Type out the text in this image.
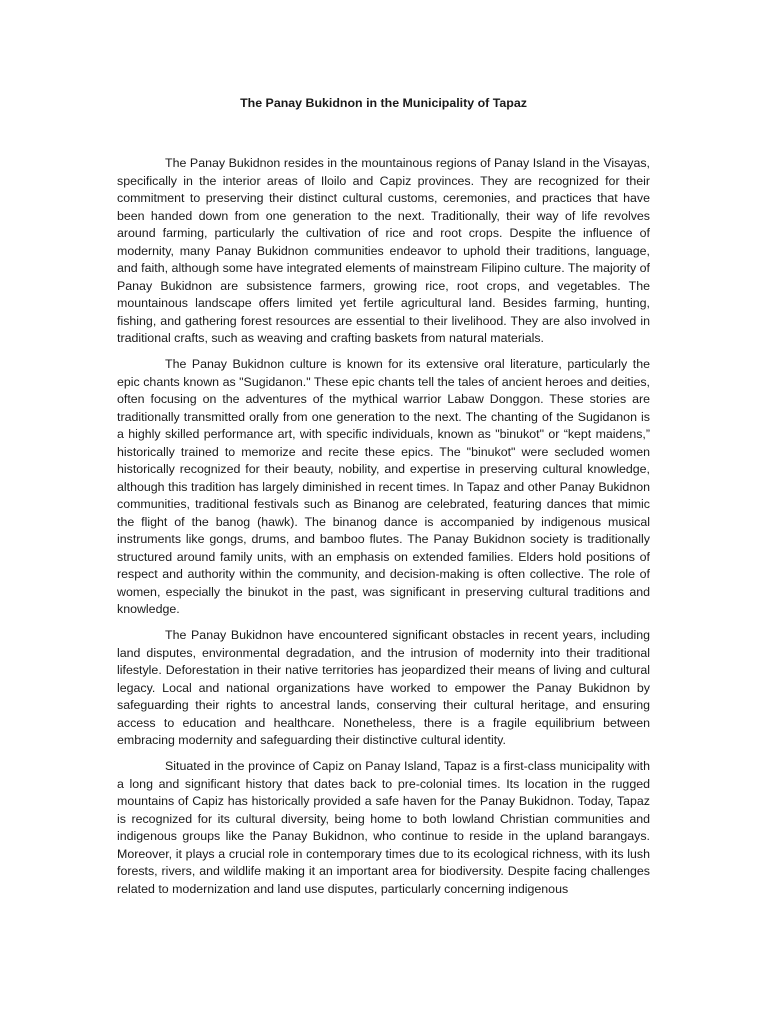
The Panay Bukidnon in the Municipality of Tapaz

The Panay Bukidnon resides in the mountainous regions of Panay Island in the Visayas, specifically in the interior areas of Iloilo and Capiz provinces. They are recognized for their commitment to preserving their distinct cultural customs, ceremonies, and practices that have been handed down from one generation to the next. Traditionally, their way of life revolves around farming, particularly the cultivation of rice and root crops. Despite the influence of modernity, many Panay Bukidnon communities endeavor to uphold their traditions, language, and faith, although some have integrated elements of mainstream Filipino culture. The majority of Panay Bukidnon are subsistence farmers, growing rice, root crops, and vegetables. The mountainous landscape offers limited yet fertile agricultural land. Besides farming, hunting, fishing, and gathering forest resources are essential to their livelihood. They are also involved in traditional crafts, such as weaving and crafting baskets from natural materials.

The Panay Bukidnon culture is known for its extensive oral literature, particularly the epic chants known as "Sugidanon." These epic chants tell the tales of ancient heroes and deities, often focusing on the adventures of the mythical warrior Labaw Donggon. These stories are traditionally transmitted orally from one generation to the next. The chanting of the Sugidanon is a highly skilled performance art, with specific individuals, known as "binukot" or “kept maidens,” historically trained to memorize and recite these epics. The "binukot" were secluded women historically recognized for their beauty, nobility, and expertise in preserving cultural knowledge, although this tradition has largely diminished in recent times. In Tapaz and other Panay Bukidnon communities, traditional festivals such as Binanog are celebrated, featuring dances that mimic the flight of the banog (hawk). The binanog dance is accompanied by indigenous musical instruments like gongs, drums, and bamboo flutes. The Panay Bukidnon society is traditionally structured around family units, with an emphasis on extended families. Elders hold positions of respect and authority within the community, and decision-making is often collective. The role of women, especially the binukot in the past, was significant in preserving cultural traditions and knowledge.

The Panay Bukidnon have encountered significant obstacles in recent years, including land disputes, environmental degradation, and the intrusion of modernity into their traditional lifestyle. Deforestation in their native territories has jeopardized their means of living and cultural legacy. Local and national organizations have worked to empower the Panay Bukidnon by safeguarding their rights to ancestral lands, conserving their cultural heritage, and ensuring access to education and healthcare. Nonetheless, there is a fragile equilibrium between embracing modernity and safeguarding their distinctive cultural identity.

Situated in the province of Capiz on Panay Island, Tapaz is a first-class municipality with a long and significant history that dates back to pre-colonial times. Its location in the rugged mountains of Capiz has historically provided a safe haven for the Panay Bukidnon. Today, Tapaz is recognized for its cultural diversity, being home to both lowland Christian communities and indigenous groups like the Panay Bukidnon, who continue to reside in the upland barangays. Moreover, it plays a crucial role in contemporary times due to its ecological richness, with its lush forests, rivers, and wildlife making it an important area for biodiversity. Despite facing challenges related to modernization and land use disputes, particularly concerning indigenous
